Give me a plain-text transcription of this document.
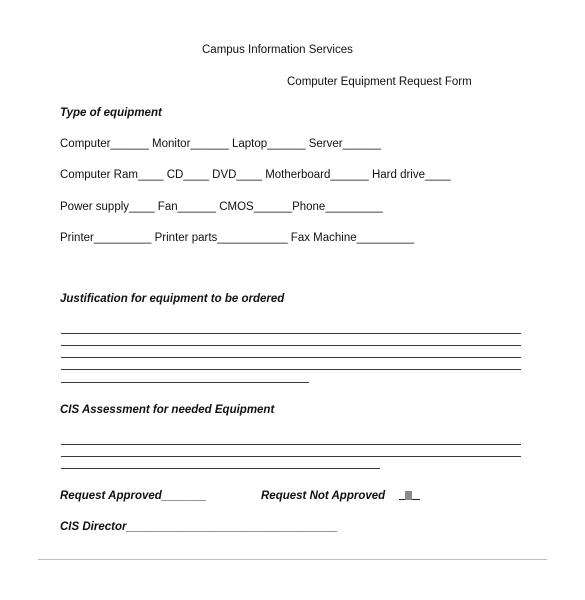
Campus Information Services
Computer Equipment Request Form
Type of equipment
Computer______ Monitor______ Laptop______ Server______
Computer Ram____ CD____ DVD____ Motherboard______ Hard drive____
Power supply____ Fan______ CMOS______Phone_________
Printer_________ Printer parts___________ Fax Machine_________
Justification for equipment to be ordered
CIS Assessment for needed Equipment
Request Approved_______	Request Not Approved
CIS Director_________________________________
